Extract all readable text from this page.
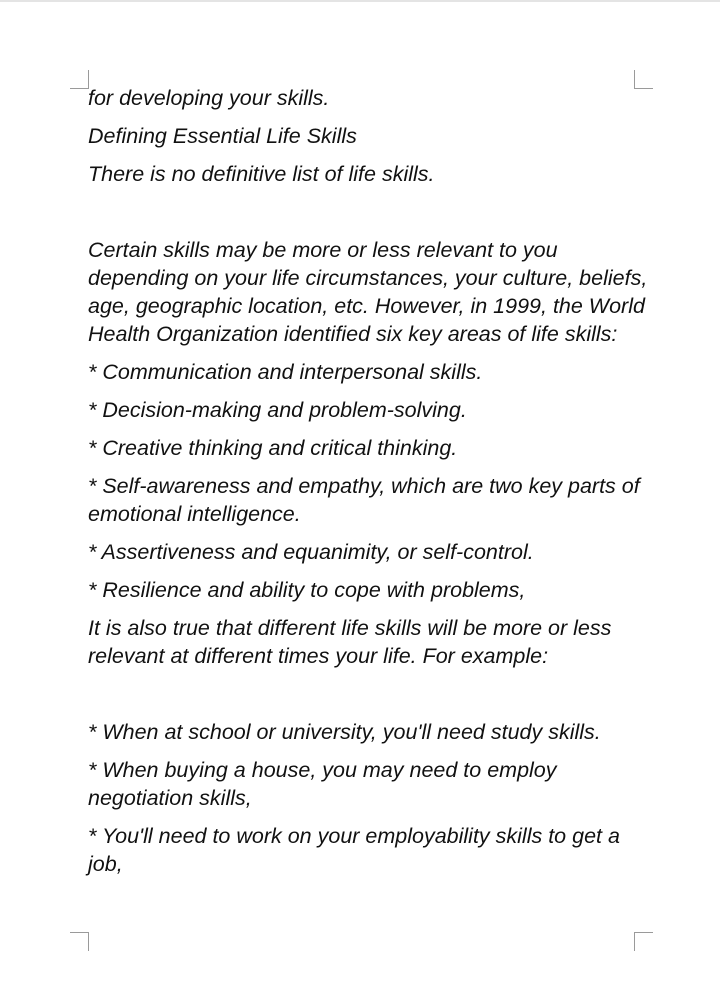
for developing your skills.

Defining Essential Life Skills

There is no definitive list of life skills.

Certain skills may be more or less relevant to you depending on your life circumstances, your culture, beliefs, age, geographic location, etc. However, in 1999, the World Health Organization identified six key areas of life skills:

* Communication and interpersonal skills.

* Decision-making and problem-solving.

* Creative thinking and critical thinking.

* Self-awareness and empathy, which are two key parts of emotional intelligence.

* Assertiveness and equanimity, or self-control.

* Resilience and ability to cope with problems,

It is also true that different life skills will be more or less relevant at different times your life. For example:

* When at school or university, you'll need study skills.

* When buying a house, you may need to employ negotiation skills,

* You'll need to work on your employability skills to get a job,
